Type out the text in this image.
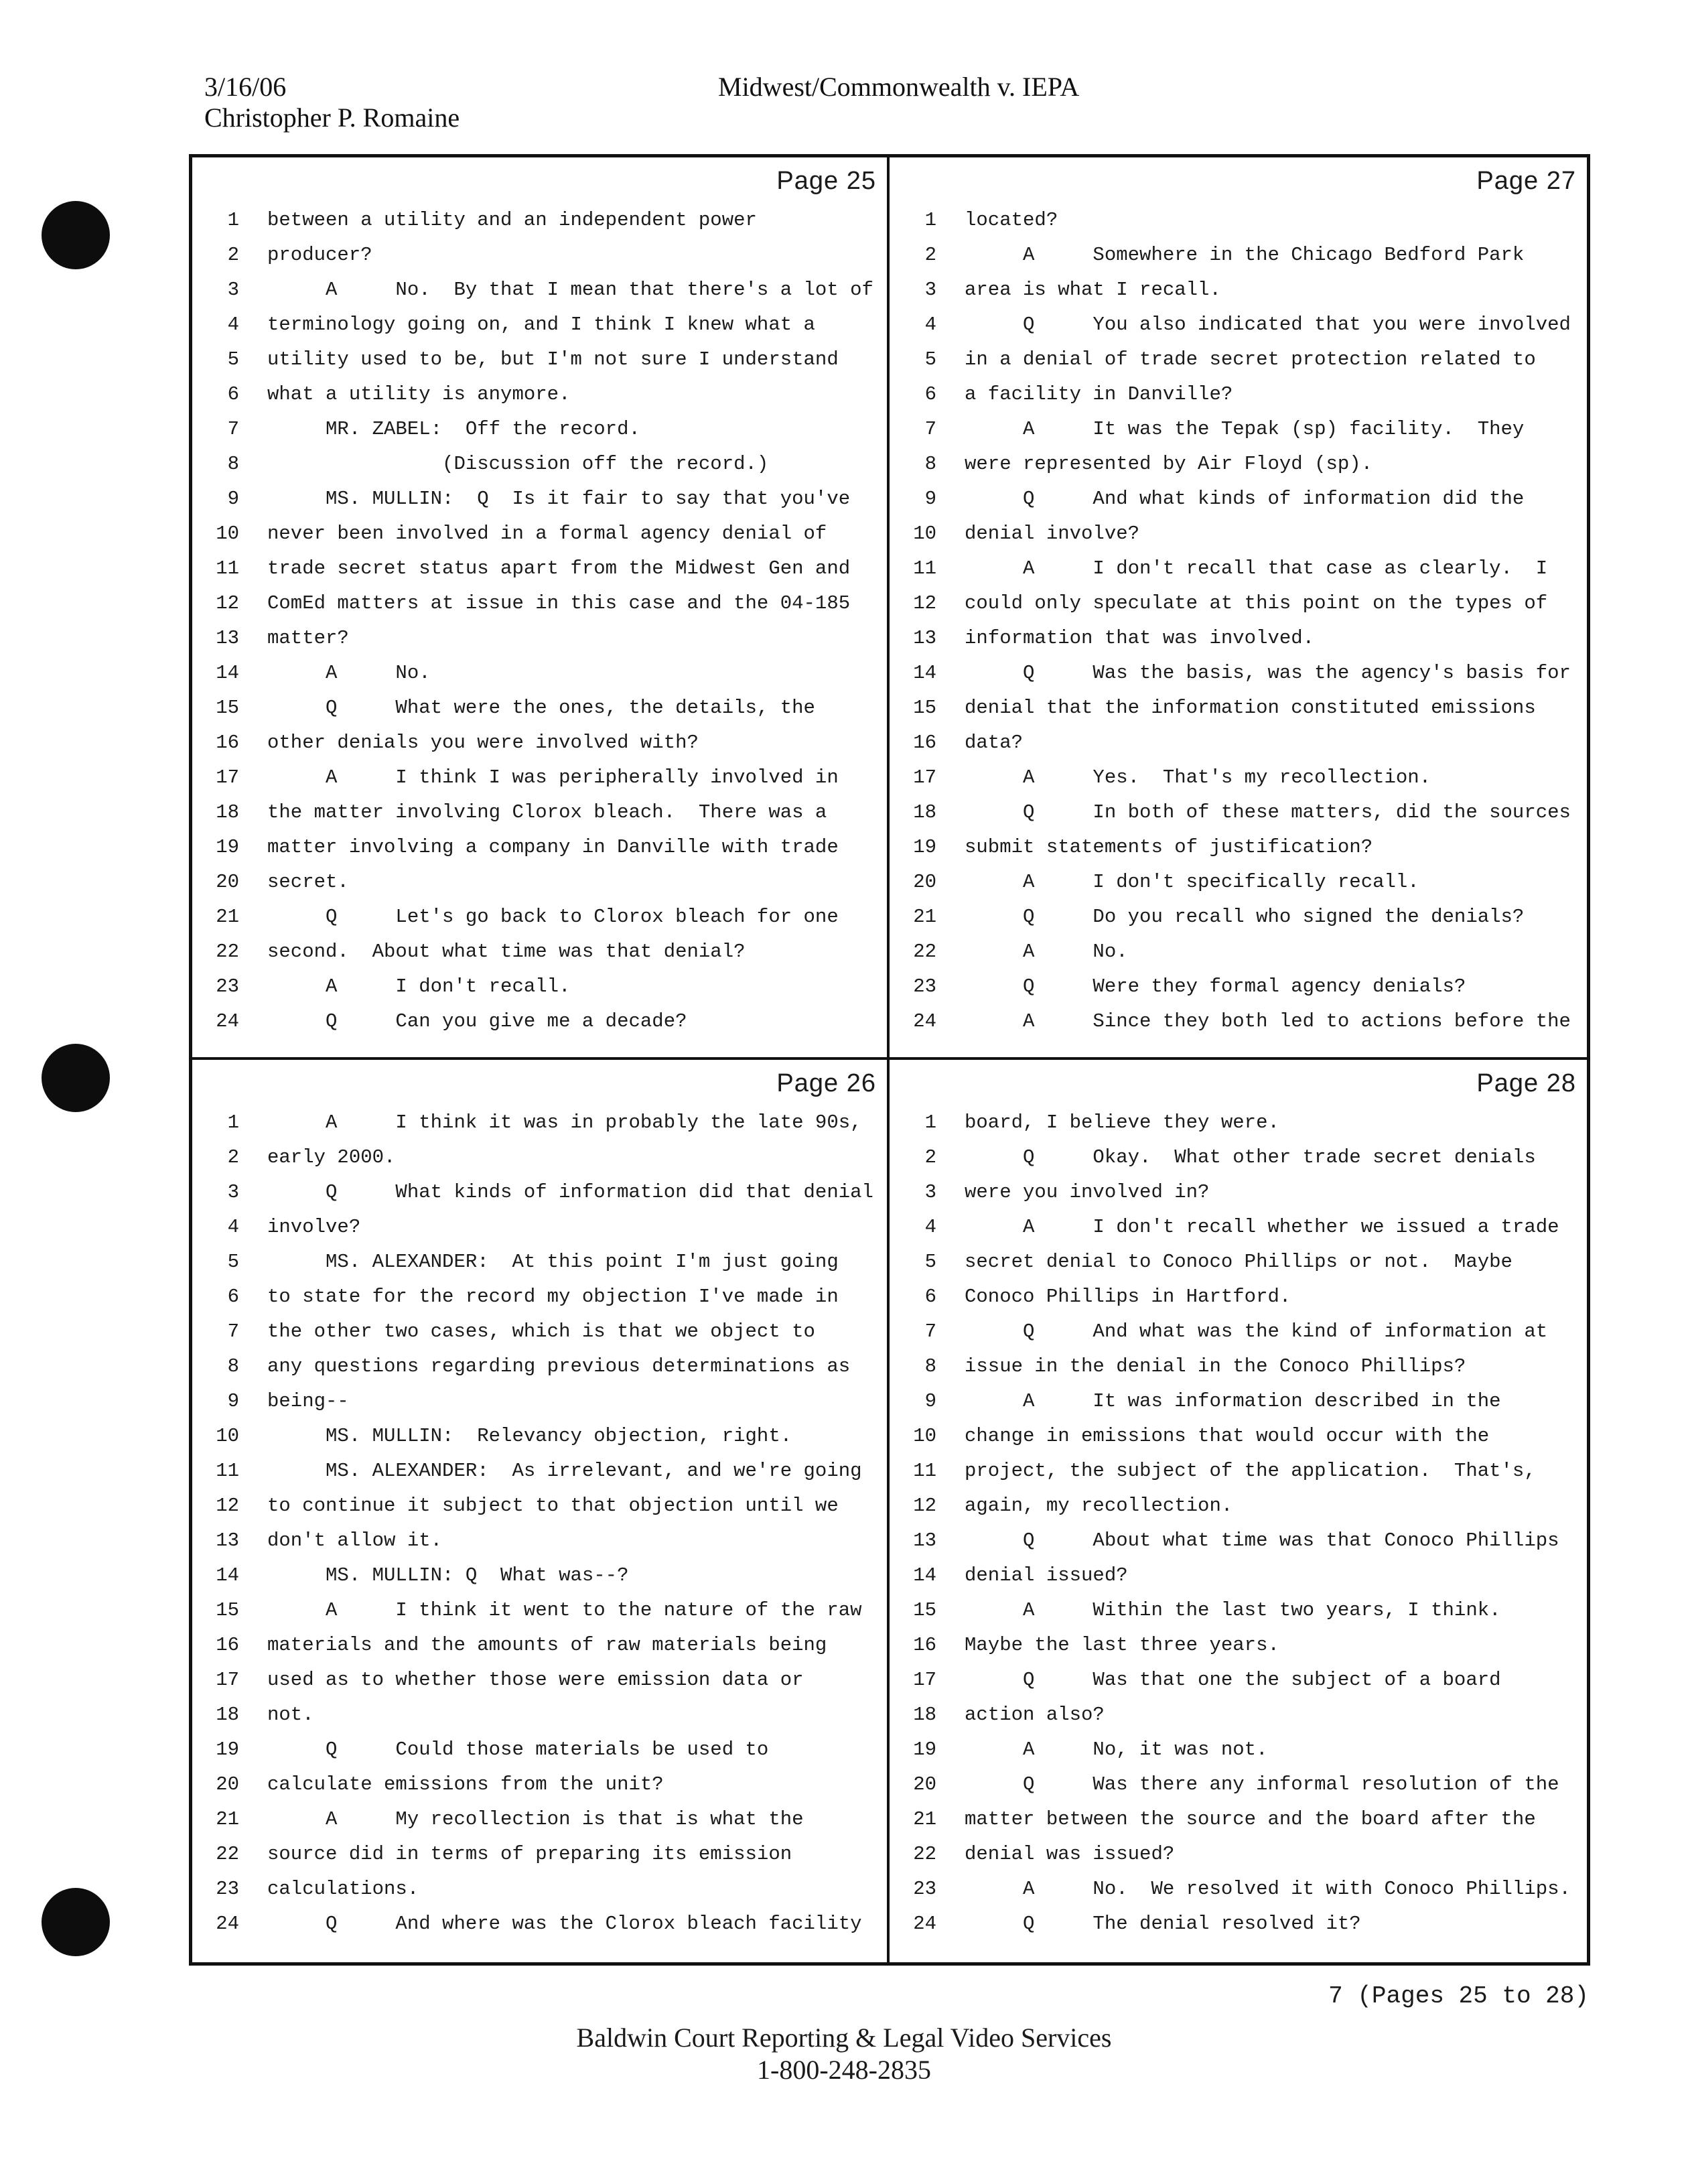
3/16/06
Christopher P. Romaine
Midwest/Commonwealth v. IEPA
Page 25
1 between a utility and an independent power
2 producer?
3 A     No.  By that I mean that there's a lot of
4 terminology going on, and I think I knew what a
5 utility used to be, but I'm not sure I understand
6 what a utility is anymore.
7 MR. ZABEL:  Off the record.
8 (Discussion off the record.)
9 MS. MULLIN:  Q  Is it fair to say that you've
10 never been involved in a formal agency denial of
11 trade secret status apart from the Midwest Gen and
12 ComEd matters at issue in this case and the 04-185
13 matter?
14 A     No.
15 Q     What were the ones, the details, the
16 other denials you were involved with?
17 A     I think I was peripherally involved in
18 the matter involving Clorox bleach.  There was a
19 matter involving a company in Danville with trade
20 secret.
21 Q     Let's go back to Clorox bleach for one
22 second.  About what time was that denial?
23 A     I don't recall.
24 Q     Can you give me a decade?
Page 27
1 located?
2 A     Somewhere in the Chicago Bedford Park
3 area is what I recall.
4 Q     You also indicated that you were involved
5 in a denial of trade secret protection related to
6 a facility in Danville?
7 A     It was the Tepak (sp) facility.  They
8 were represented by Air Floyd (sp).
9 Q     And what kinds of information did the
10 denial involve?
11 A     I don't recall that case as clearly.  I
12 could only speculate at this point on the types of
13 information that was involved.
14 Q     Was the basis, was the agency's basis for
15 denial that the information constituted emissions
16 data?
17 A     Yes.  That's my recollection.
18 Q     In both of these matters, did the sources
19 submit statements of justification?
20 A     I don't specifically recall.
21 Q     Do you recall who signed the denials?
22 A     No.
23 Q     Were they formal agency denials?
24 A     Since they both led to actions before the
Page 26
1 A     I think it was in probably the late 90s,
2 early 2000.
3 Q     What kinds of information did that denial
4 involve?
5 MS. ALEXANDER:  At this point I'm just going
6 to state for the record my objection I've made in
7 the other two cases, which is that we object to
8 any questions regarding previous determinations as
9 being--
10 MS. MULLIN:  Relevancy objection, right.
11 MS. ALEXANDER:  As irrelevant, and we're going
12 to continue it subject to that objection until we
13 don't allow it.
14 MS. MULLIN: Q  What was--?
15 A     I think it went to the nature of the raw
16 materials and the amounts of raw materials being
17 used as to whether those were emission data or
18 not.
19 Q     Could those materials be used to
20 calculate emissions from the unit?
21 A     My recollection is that is what the
22 source did in terms of preparing its emission
23 calculations.
24 Q     And where was the Clorox bleach facility
Page 28
1 board, I believe they were.
2 Q     Okay.  What other trade secret denials
3 were you involved in?
4 A     I don't recall whether we issued a trade
5 secret denial to Conoco Phillips or not.  Maybe
6 Conoco Phillips in Hartford.
7 Q     And what was the kind of information at
8 issue in the denial in the Conoco Phillips?
9 A     It was information described in the
10 change in emissions that would occur with the
11 project, the subject of the application.  That's,
12 again, my recollection.
13 Q     About what time was that Conoco Phillips
14 denial issued?
15 A     Within the last two years, I think.
16 Maybe the last three years.
17 Q     Was that one the subject of a board
18 action also?
19 A     No, it was not.
20 Q     Was there any informal resolution of the
21 matter between the source and the board after the
22 denial was issued?
23 A     No.  We resolved it with Conoco Phillips.
24 Q     The denial resolved it?
7 (Pages 25 to 28)
Baldwin Court Reporting & Legal Video Services
1-800-248-2835
